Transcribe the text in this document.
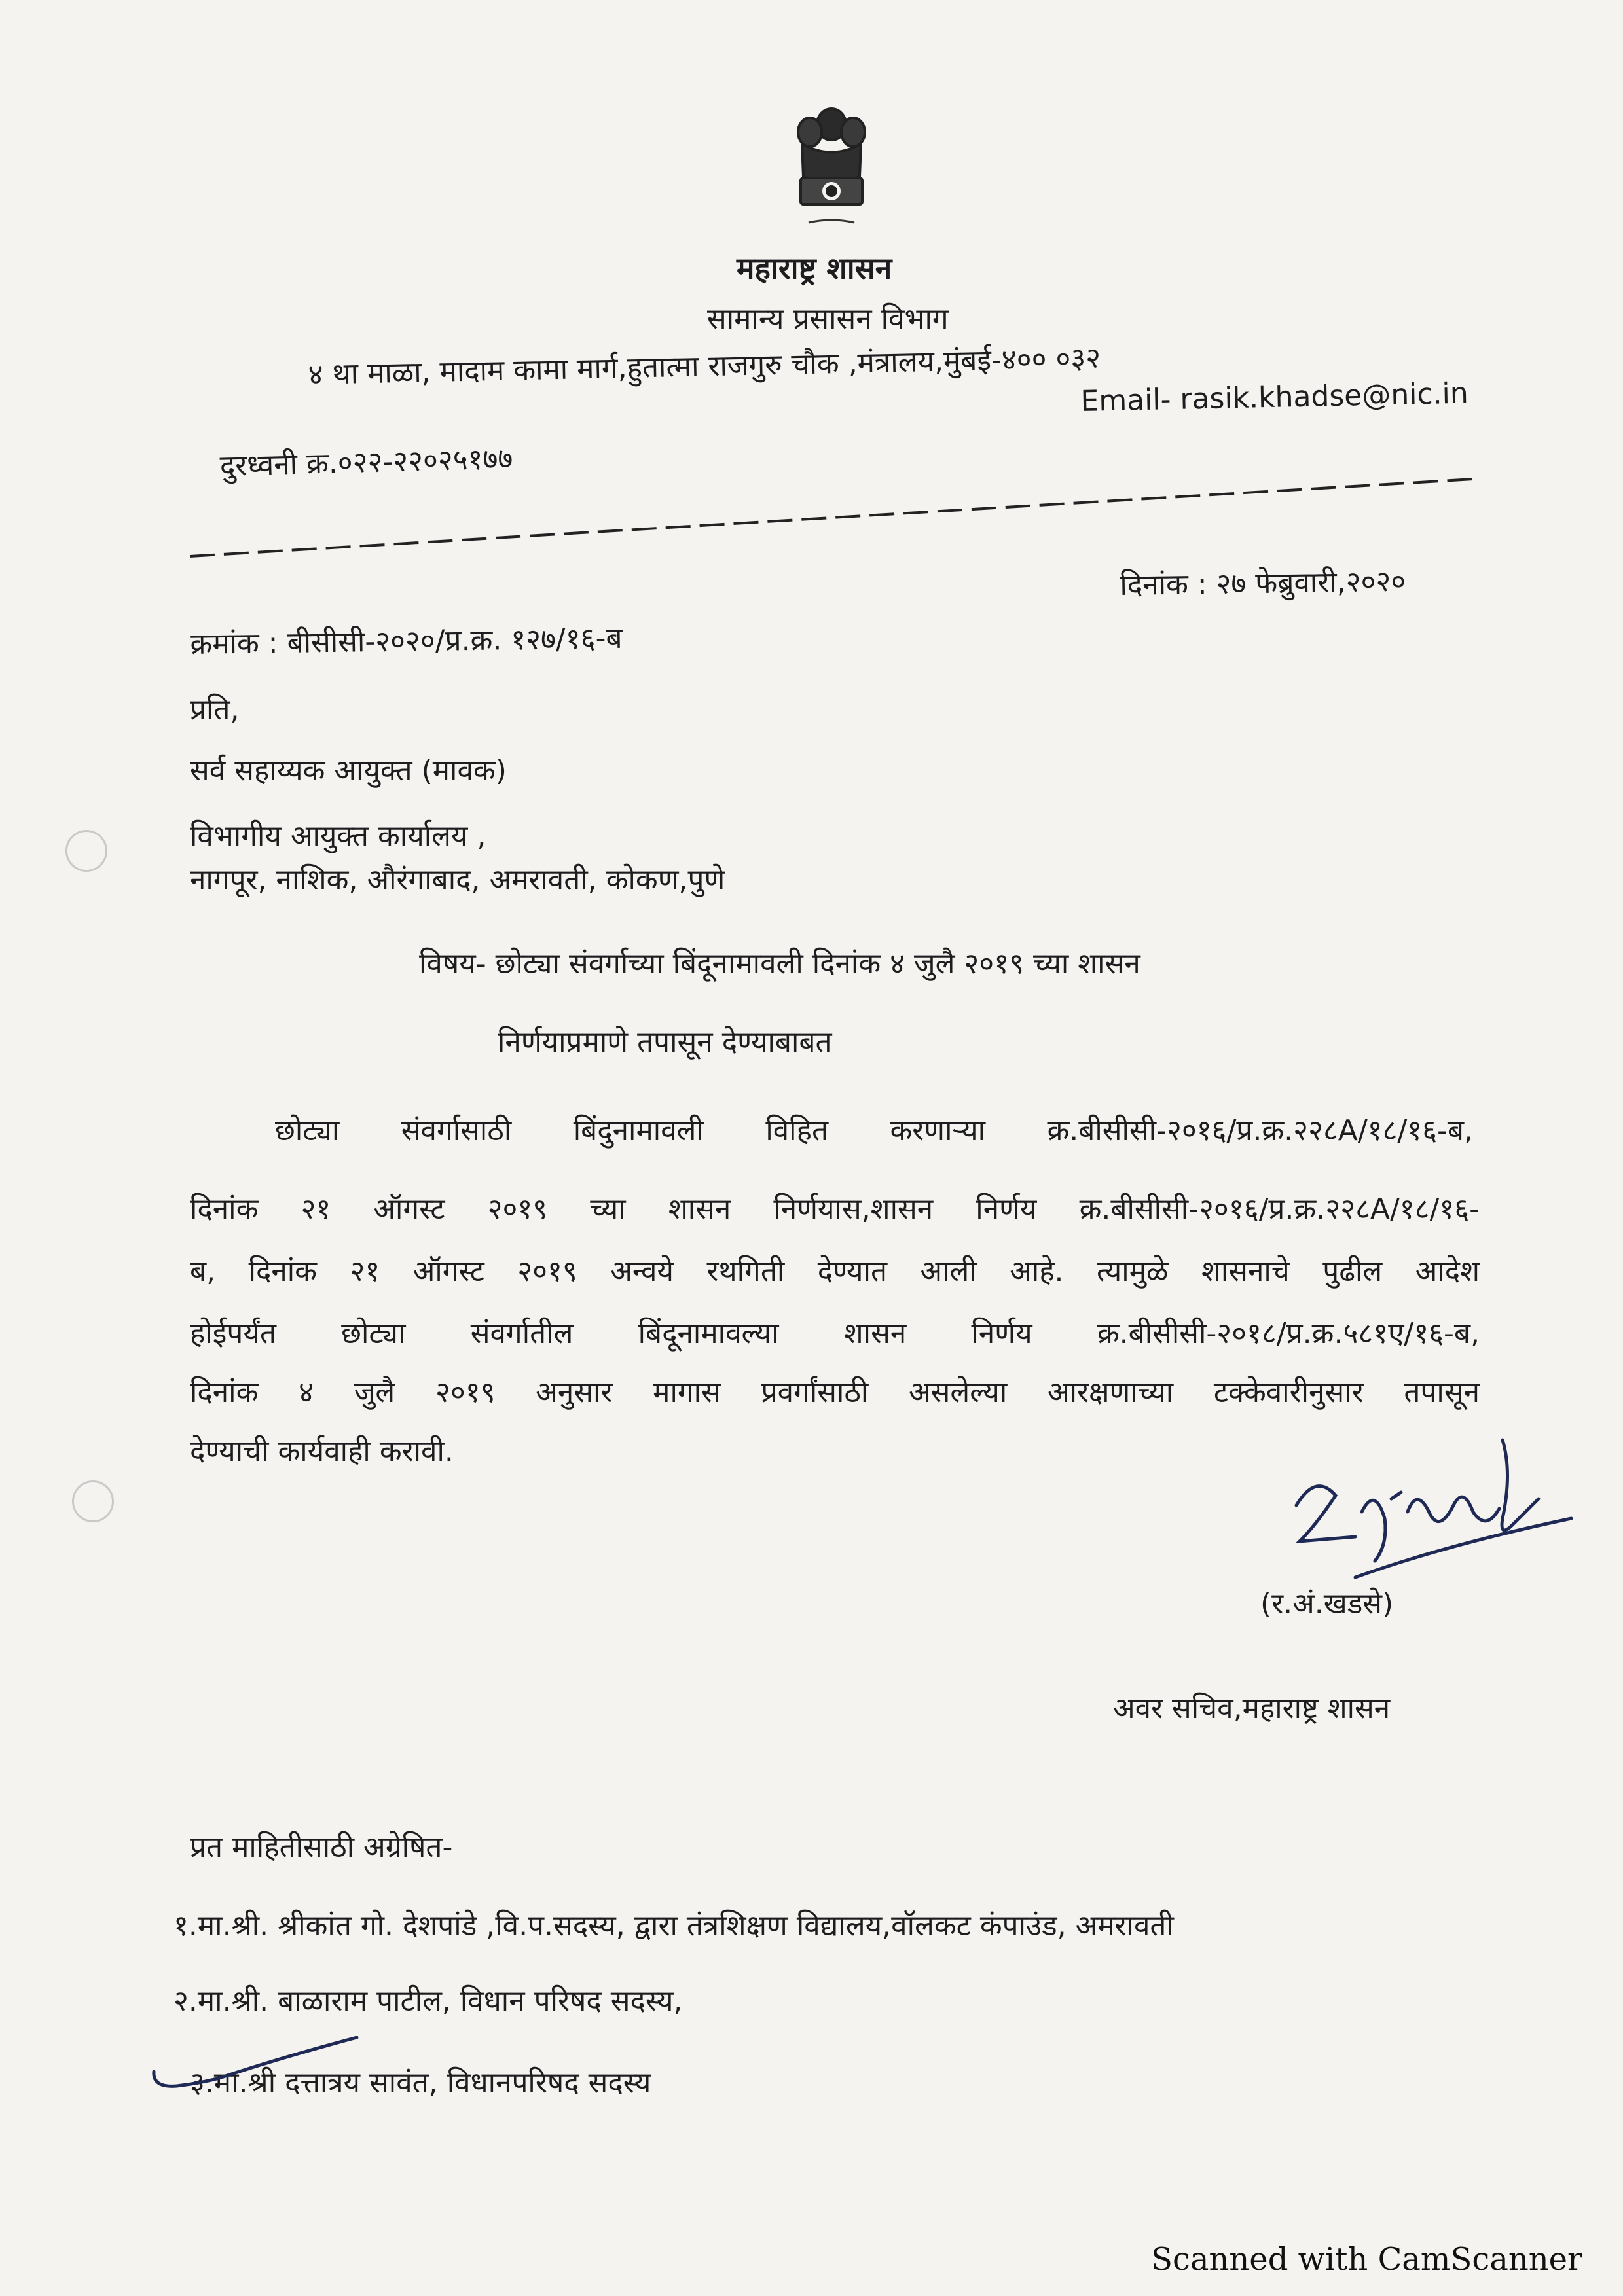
महाराष्ट्र शासन
सामान्य प्रसासन विभाग
४ था माळा, मादाम कामा मार्ग,हुतात्मा राजगुरु चौक ,मंत्रालय,मुंबई-४०० ०३२
Email- rasik.khadse@nic.in
दुरध्वनी क्र.०२२-२२०२५१७७
दिनांक : २७ फेब्रुवारी,२०२०
क्रमांक : बीसीसी-२०२०/प्र.क्र. १२७/१६-ब
प्रति,
सर्व सहाय्यक आयुक्त (मावक)
विभागीय आयुक्त कार्यालय ,
नागपूर, नाशिक, औरंगाबाद, अमरावती, कोकण,पुणे
विषय- छोट्या संवर्गाच्या बिंदूनामावली दिनांक ४ जुलै २०१९ च्या शासन
निर्णयाप्रमाणे तपासून देण्याबाबत
छोट्या संवर्गासाठी बिंदुनामावली विहित करणाऱ्या क्र.बीसीसी-२०१६/प्र.क्र.२२८A/१८/१६-ब,
दिनांक २१ ऑगस्ट २०१९ च्या शासन निर्णयास,शासन निर्णय क्र.बीसीसी-२०१६/प्र.क्र.२२८A/१८/१६-
ब, दिनांक २१ ऑगस्ट २०१९ अन्वये रथगिती देण्यात आली आहे. त्यामुळे शासनाचे पुढील आदेश
होईपर्यंत छोट्या संवर्गातील बिंदूनामावल्या शासन निर्णय क्र.बीसीसी-२०१८/प्र.क्र.५८१ए/१६-ब,
दिनांक ४ जुलै २०१९ अनुसार मागास प्रवर्गांसाठी असलेल्या आरक्षणाच्या टक्केवारीनुसार तपासून
देण्याची कार्यवाही करावी.
(र.अं.खडसे)
अवर सचिव,महाराष्ट्र शासन
प्रत माहितीसाठी अग्रेषित-
१.मा.श्री. श्रीकांत गो. देशपांडे ,वि.प.सदस्य, द्वारा तंत्रशिक्षण विद्यालय,वॉलकट कंपाउंड, अमरावती
२.मा.श्री. बाळाराम पाटील, विधान परिषद सदस्य,
३.मा.श्री दत्तात्रय सावंत, विधानपरिषद सदस्य
Scanned with CamScanner
